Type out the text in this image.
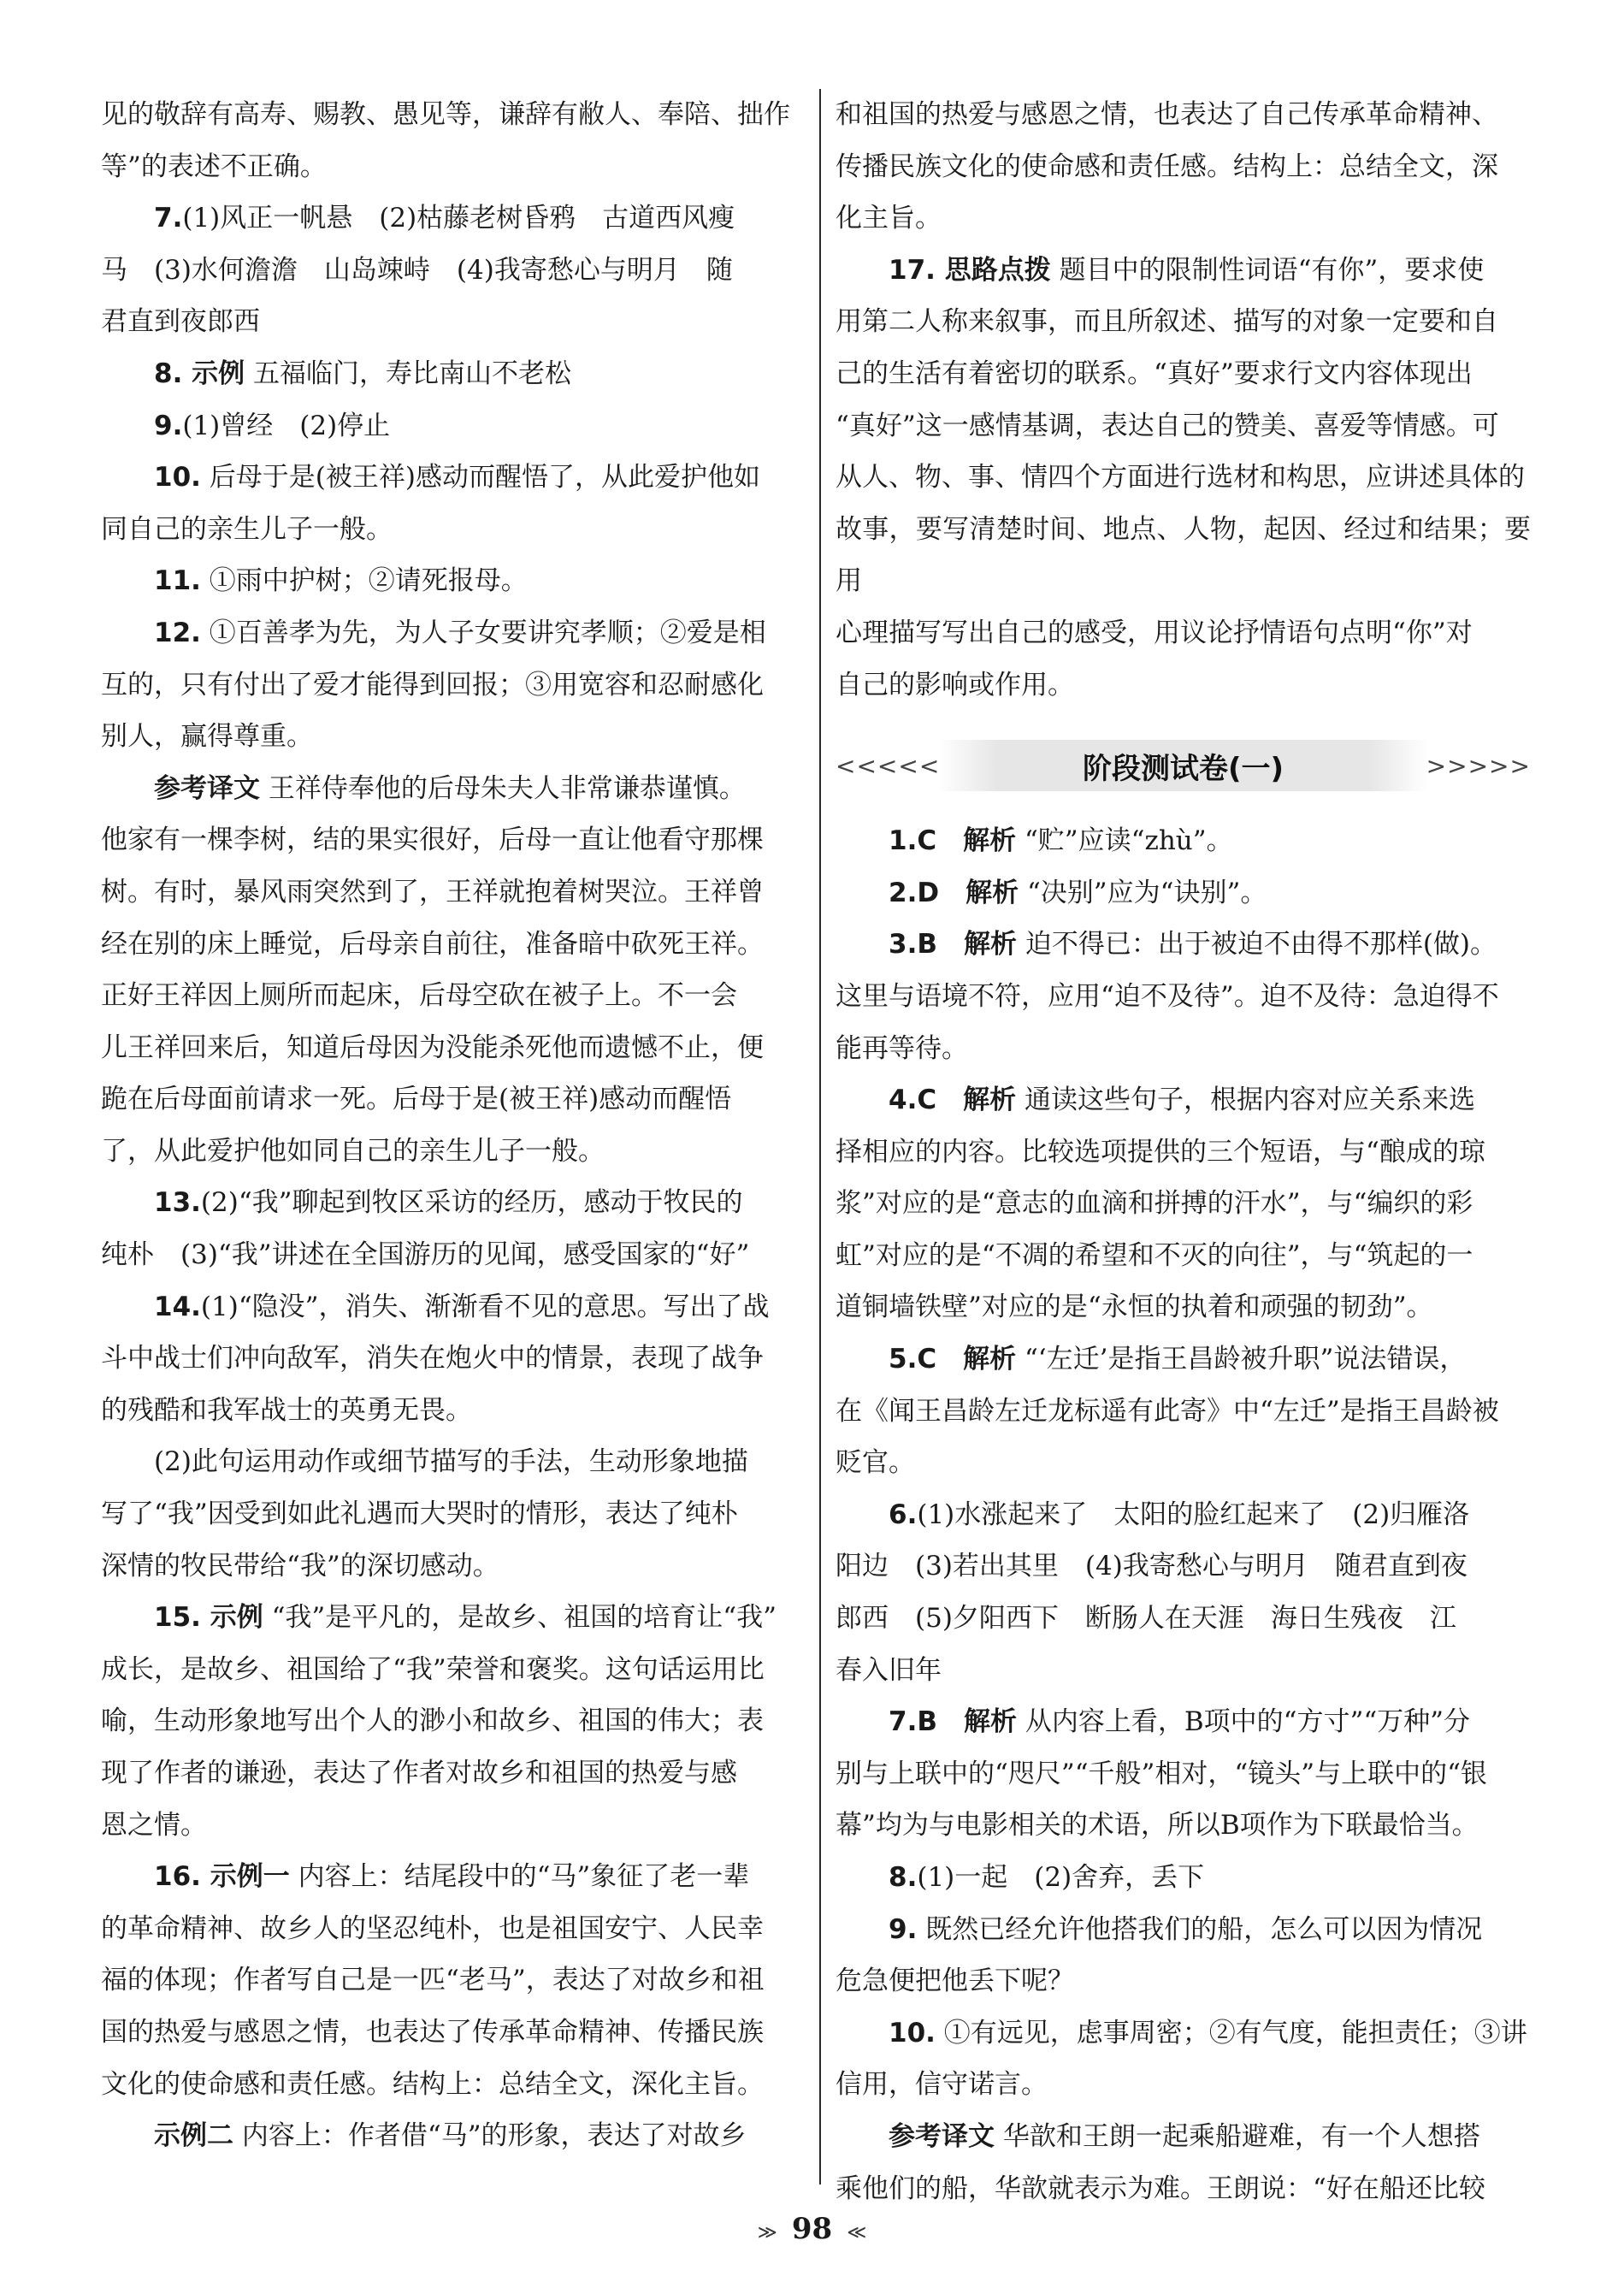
见的敬辞有高寿、赐教、愚见等，谦辞有敝人、奉陪、拙作

等”的表述不正确。

7.(1)风正一帆悬　(2)枯藤老树昏鸦　古道西风瘦

马　(3)水何澹澹　山岛竦峙　(4)我寄愁心与明月　随

君直到夜郎西

8. 示例 五福临门，寿比南山不老松

9.(1)曾经　(2)停止

10. 后母于是(被王祥)感动而醒悟了，从此爱护他如

同自己的亲生儿子一般。

11. ①雨中护树；②请死报母。

12. ①百善孝为先，为人子女要讲究孝顺；②爱是相

互的，只有付出了爱才能得到回报；③用宽容和忍耐感化

别人，赢得尊重。

参考译文 王祥侍奉他的后母朱夫人非常谦恭谨慎。

他家有一棵李树，结的果实很好，后母一直让他看守那棵

树。有时，暴风雨突然到了，王祥就抱着树哭泣。王祥曾

经在别的床上睡觉，后母亲自前往，准备暗中砍死王祥。

正好王祥因上厕所而起床，后母空砍在被子上。不一会

儿王祥回来后，知道后母因为没能杀死他而遗憾不止，便

跪在后母面前请求一死。后母于是(被王祥)感动而醒悟

了，从此爱护他如同自己的亲生儿子一般。

13.(2)“我”聊起到牧区采访的经历，感动于牧民的

纯朴　(3)“我”讲述在全国游历的见闻，感受国家的“好”

14.(1)“隐没”，消失、渐渐看不见的意思。写出了战

斗中战士们冲向敌军，消失在炮火中的情景，表现了战争

的残酷和我军战士的英勇无畏。

(2)此句运用动作或细节描写的手法，生动形象地描

写了“我”因受到如此礼遇而大哭时的情形，表达了纯朴

深情的牧民带给“我”的深切感动。

15. 示例 “我”是平凡的，是故乡、祖国的培育让“我”

成长，是故乡、祖国给了“我”荣誉和褒奖。这句话运用比

喻，生动形象地写出个人的渺小和故乡、祖国的伟大；表

现了作者的谦逊，表达了作者对故乡和祖国的热爱与感

恩之情。

16. 示例一 内容上：结尾段中的“马”象征了老一辈

的革命精神、故乡人的坚忍纯朴，也是祖国安宁、人民幸

福的体现；作者写自己是一匹“老马”，表达了对故乡和祖

国的热爱与感恩之情，也表达了传承革命精神、传播民族

文化的使命感和责任感。结构上：总结全文，深化主旨。

示例二 内容上：作者借“马”的形象，表达了对故乡

和祖国的热爱与感恩之情，也表达了自己传承革命精神、

传播民族文化的使命感和责任感。结构上：总结全文，深

化主旨。

17. 思路点拨 题目中的限制性词语“有你”，要求使

用第二人称来叙事，而且所叙述、描写的对象一定要和自

己的生活有着密切的联系。“真好”要求行文内容体现出

“真好”这一感情基调，表达自己的赞美、喜爱等情感。可

从人、物、事、情四个方面进行选材和构思，应讲述具体的

故事，要写清楚时间、地点、人物，起因、经过和结果；要用

心理描写写出自己的感受，用议论抒情语句点明“你”对

自己的影响或作用。

<<<<<	阶段测试卷(一)	>>>>>

1.C　解析 “贮”应读“zhù”。

2.D　解析 “决别”应为“诀别”。

3.B　解析 迫不得已：出于被迫不由得不那样(做)。

这里与语境不符，应用“迫不及待”。迫不及待：急迫得不

能再等待。

4.C　解析 通读这些句子，根据内容对应关系来选

择相应的内容。比较选项提供的三个短语，与“酿成的琼

浆”对应的是“意志的血滴和拼搏的汗水”，与“编织的彩

虹”对应的是“不凋的希望和不灭的向往”，与“筑起的一

道铜墙铁壁”对应的是“永恒的执着和顽强的韧劲”。

5.C　解析 “‘左迁’是指王昌龄被升职”说法错误，

在《闻王昌龄左迁龙标遥有此寄》中“左迁”是指王昌龄被

贬官。

6.(1)水涨起来了　太阳的脸红起来了　(2)归雁洛

阳边　(3)若出其里　(4)我寄愁心与明月　随君直到夜

郎西　(5)夕阳西下　断肠人在天涯　海日生残夜　江

春入旧年

7.B　解析 从内容上看，B项中的“方寸”“万种”分

别与上联中的“咫尺”“千般”相对，“镜头”与上联中的“银

幕”均为与电影相关的术语，所以B项作为下联最恰当。

8.(1)一起　(2)舍弃，丢下

9. 既然已经允许他搭我们的船，怎么可以因为情况

危急便把他丢下呢？

10. ①有远见，虑事周密；②有气度，能担责任；③讲

信用，信守诺言。

参考译文 华歆和王朗一起乘船避难，有一个人想搭

乘他们的船，华歆就表示为难。王朗说：“好在船还比较

≫ 98 ≪
